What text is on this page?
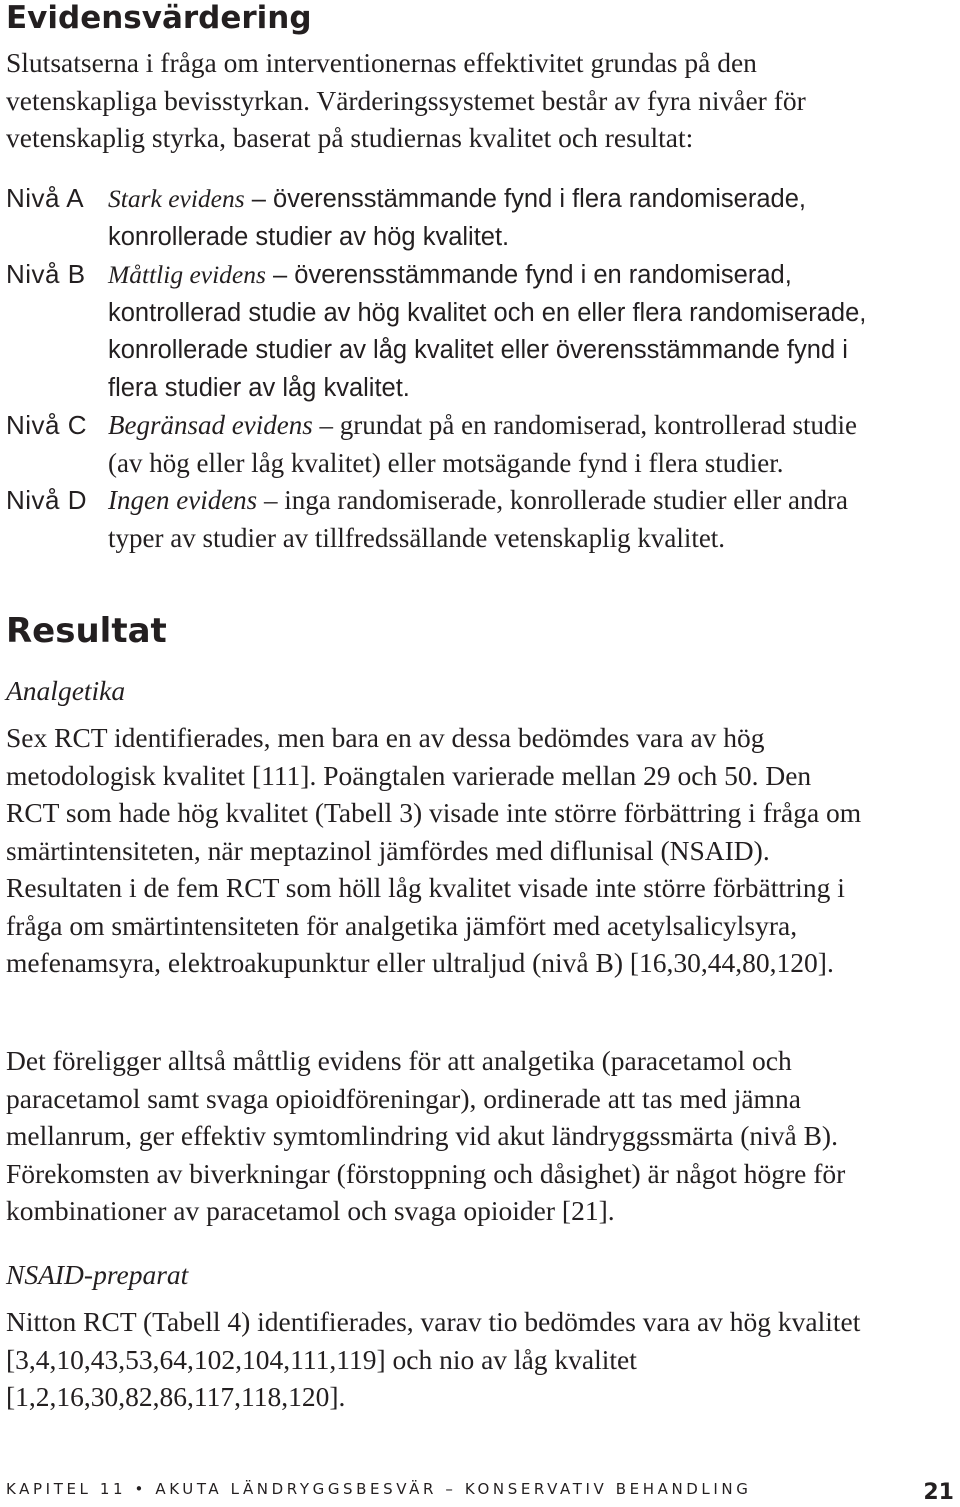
Evidensvärdering

Slutsatserna i fråga om interventionernas effektivitet grundas på den vetenskapliga bevisstyrkan. Värderingssystemet består av fyra nivåer för vetenskaplig styrka, baserat på studiernas kvalitet och resultat:

Nivå A Stark evidens – överensstämmande fynd i flera randomiserade, konrollerade studier av hög kvalitet.
Nivå B Måttlig evidens – överensstämmande fynd i en randomiserad, kontrollerad studie av hög kvalitet och en eller flera randomiserade, konrollerade studier av låg kvalitet eller överensstämmande fynd i flera studier av låg kvalitet.
Nivå C Begränsad evidens – grundat på en randomiserad, kontrollerad studie (av hög eller låg kvalitet) eller motsägande fynd i flera studier.
Nivå D Ingen evidens – inga randomiserade, konrollerade studier eller andra typer av studier av tillfredssällande vetenskaplig kvalitet.
Resultat

Analgetika

Sex RCT identifierades, men bara en av dessa bedömdes vara av hög metodologisk kvalitet [111]. Poängtalen varierade mellan 29 och 50. Den RCT som hade hög kvalitet (Tabell 3) visade inte större förbättring i fråga om smärtintensiteten, när meptazinol jämfördes med diflunisal (NSAID). Resultaten i de fem RCT som höll låg kvalitet visade inte större förbättring i fråga om smärtintensiteten för analgetika jämfört med acetylsalicylsyra, mefenamsyra, elektroakupunktur eller ultraljud (nivå B) [16,30,44,80,120].

Det föreligger alltså måttlig evidens för att analgetika (paracetamol och paracetamol samt svaga opioidföreningar), ordinerade att tas med jämna mellanrum, ger effektiv symtomlindring vid akut ländryggssmärta (nivå B). Förekomsten av biverkningar (förstoppning och dåsighet) är något högre för kombinationer av paracetamol och svaga opioider [21].

NSAID-preparat

Nitton RCT (Tabell 4) identifierades, varav tio bedömdes vara av hög kvalitet [3,4,10,43,53,64,102,104,111,119] och nio av låg kvalitet [1,2,16,30,82,86,117,118,120].

KAPITEL 11 • AKUTA LÄNDRYGGSBESVÄR – KONSERVATIV BEHANDLING	21
